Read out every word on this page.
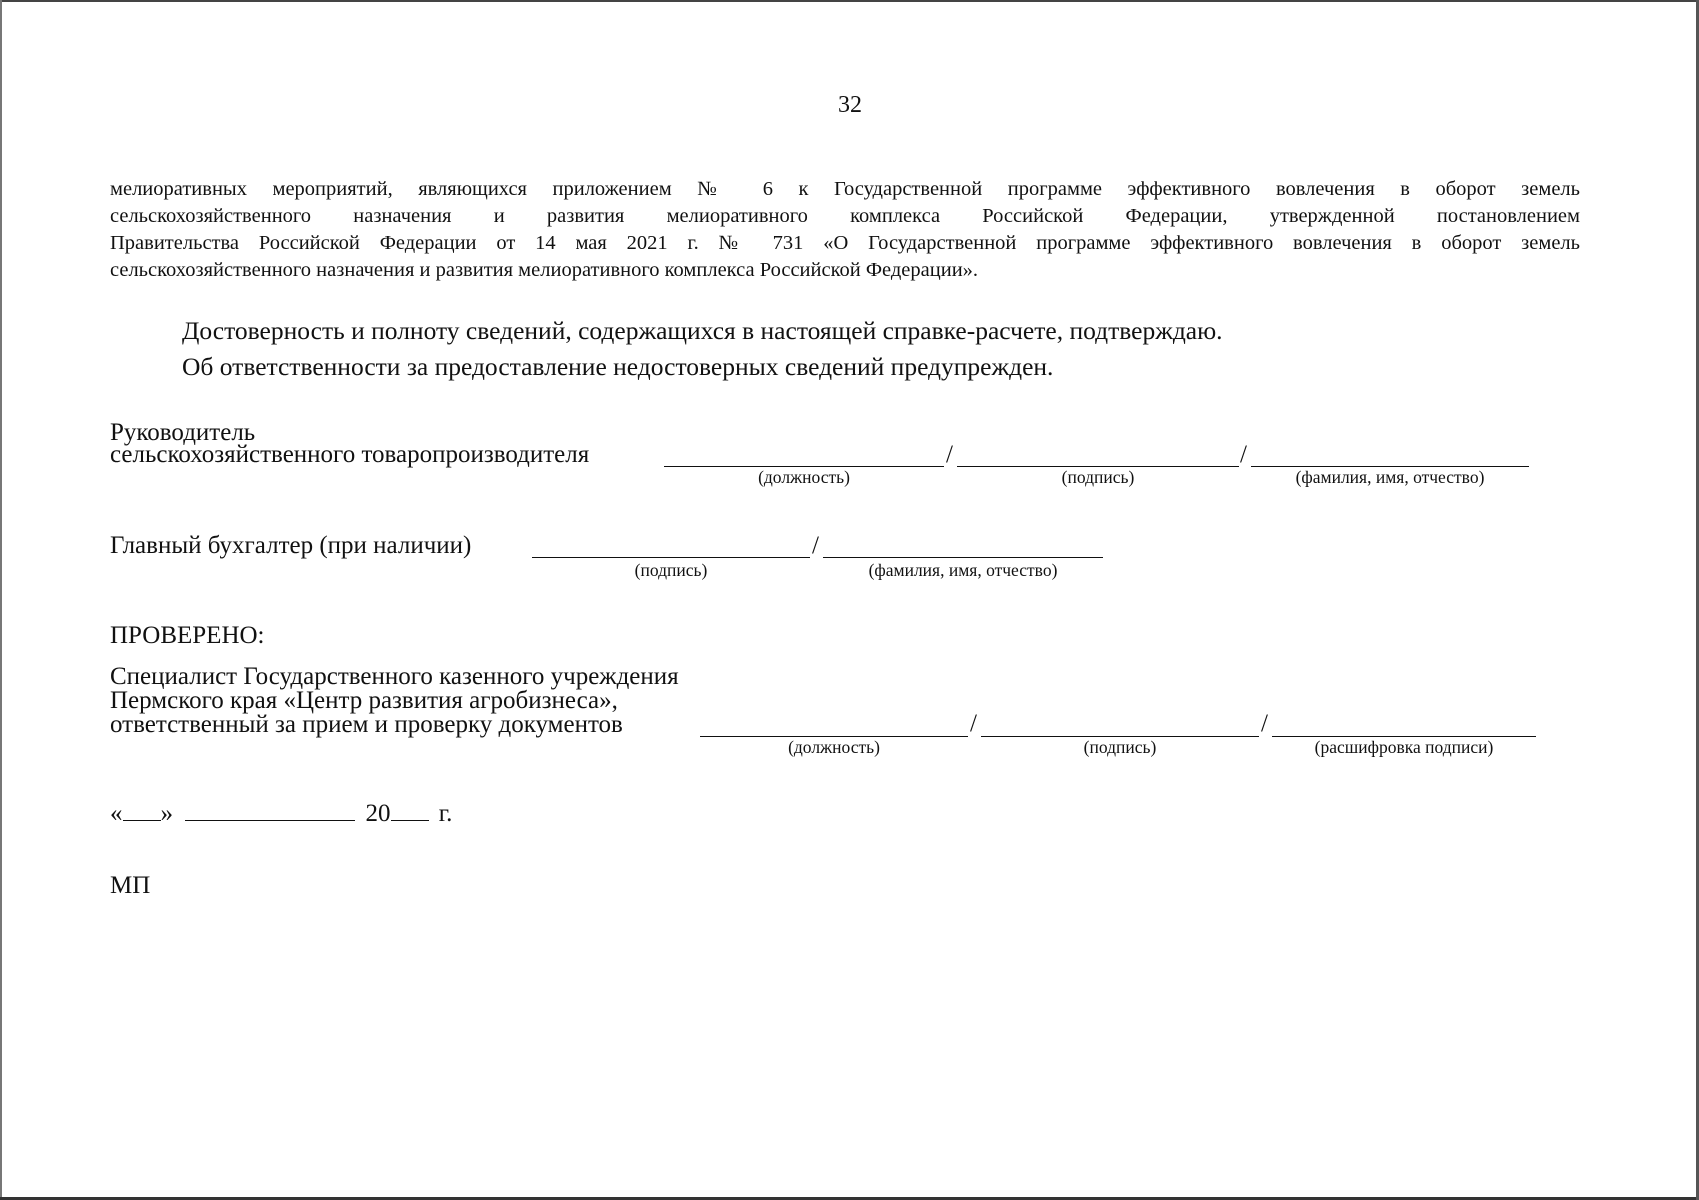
32
мелиоративных мероприятий, являющихся приложением № 6 к Государственной программе эффективного вовлечения в оборот земель
сельскохозяйственного назначения и развития мелиоративного комплекса Российской Федерации, утвержденной постановлением
Правительства Российской Федерации от 14 мая 2021 г. № 731 «О Государственной программе эффективного вовлечения в оборот земель
сельскохозяйственного назначения и развития мелиоративного комплекса Российской Федерации».
Достоверность и полноту сведений, содержащихся в настоящей справке-расчете, подтверждаю.
Об ответственности за предоставление недостоверных сведений предупрежден.
Руководитель
сельскохозяйственного товаропроизводителя	/	/
(должность)	(подпись)	(фамилия, имя, отчество)
Главный бухгалтер (при наличии)	/
(подпись)	(фамилия, имя, отчество)
ПРОВЕРЕНО:
Специалист Государственного казенного учреждения
Пермского края «Центр развития агробизнеса»,
ответственный за прием и проверку документов	/	/
(должность)	(подпись)	(расшифровка подписи)
« »	20 г.
МП
